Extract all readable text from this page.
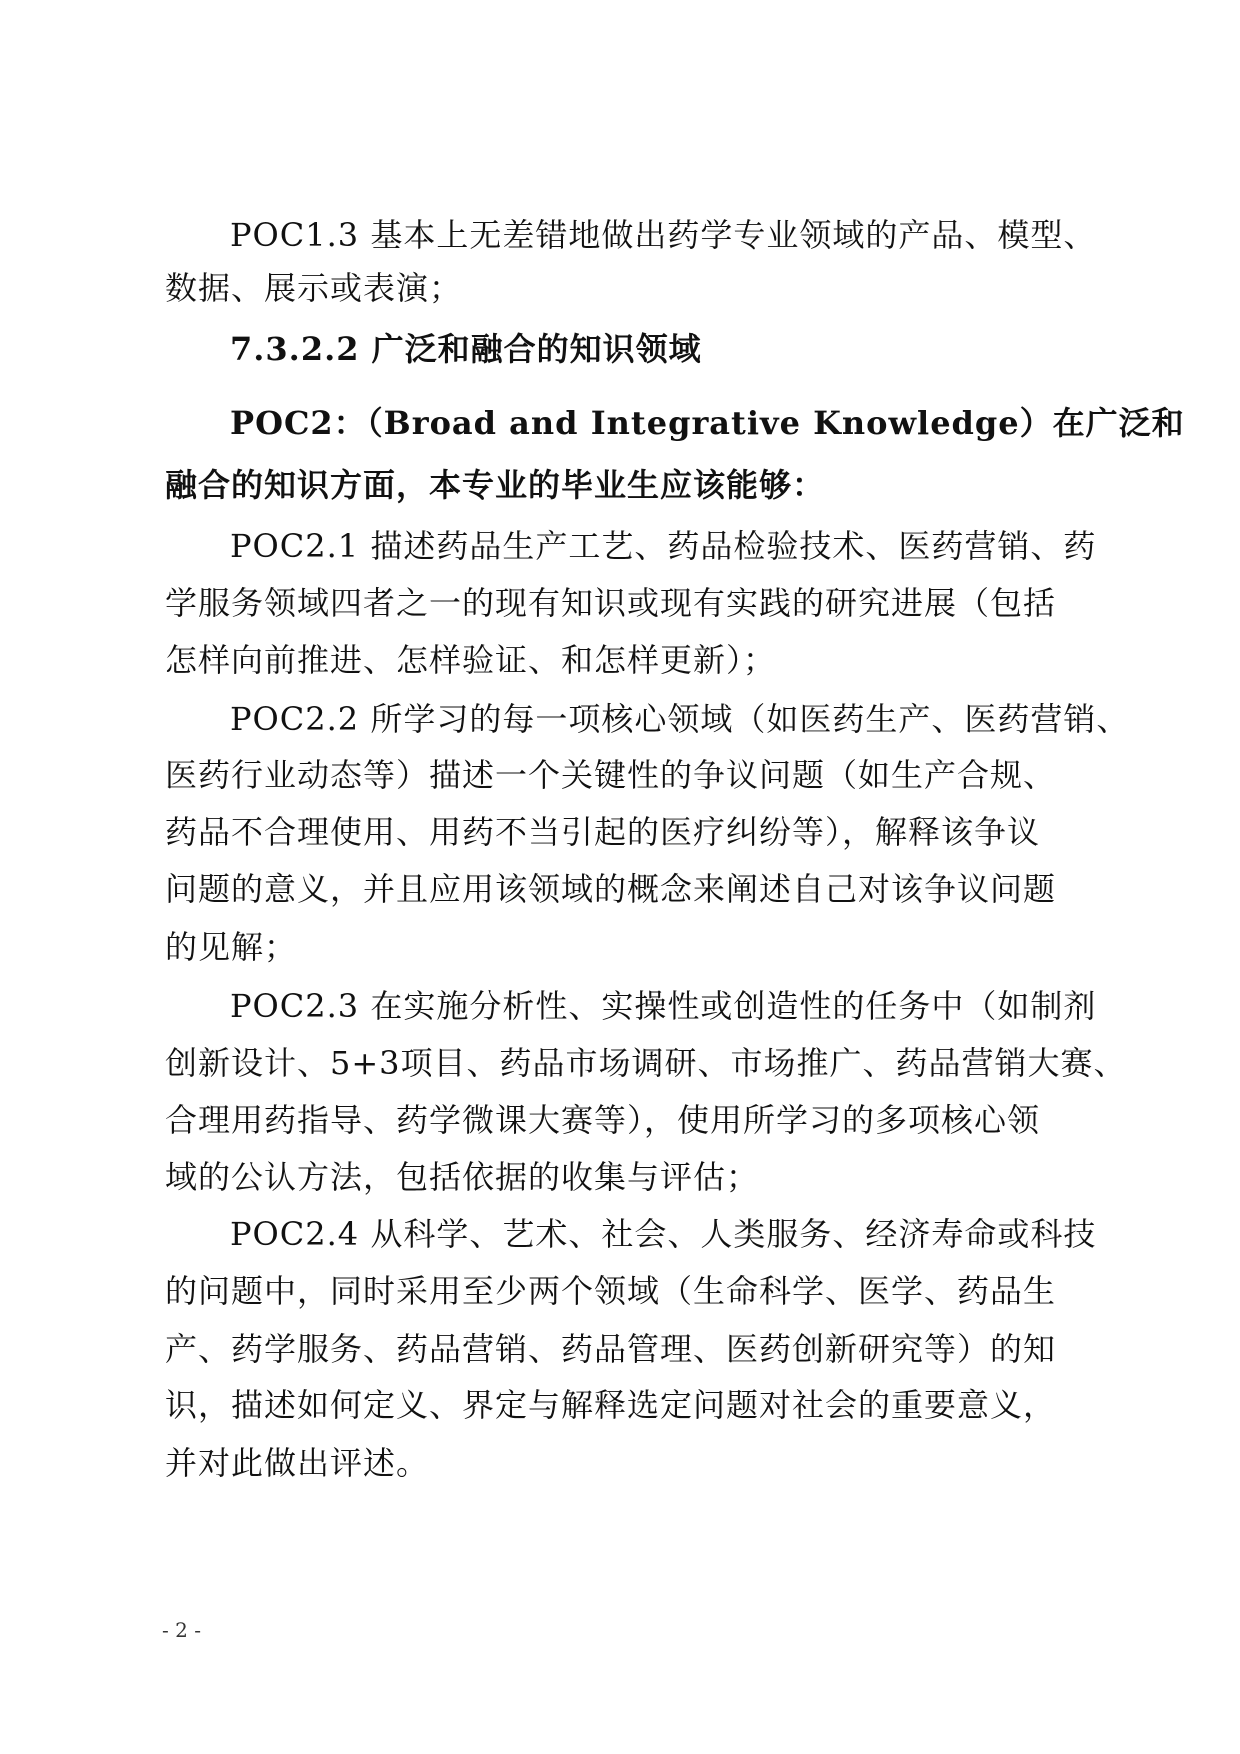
POC1.3 基本上无差错地做出药学专业领域的产品、模型、
数据、展示或表演；
7.3.2.2 广泛和融合的知识领域
POC2：（Broad and Integrative Knowledge）在广泛和
融合的知识方面，本专业的毕业生应该能够：
POC2.1 描述药品生产工艺、药品检验技术、医药营销、药
学服务领域四者之一的现有知识或现有实践的研究进展（包括
怎样向前推进、怎样验证、和怎样更新）；
POC2.2 所学习的每一项核心领域（如医药生产、医药营销、
医药行业动态等）描述一个关键性的争议问题（如生产合规、
药品不合理使用、用药不当引起的医疗纠纷等），解释该争议
问题的意义，并且应用该领域的概念来阐述自己对该争议问题
的见解；
POC2.3 在实施分析性、实操性或创造性的任务中（如制剂
创新设计、5+3项目、药品市场调研、市场推广、药品营销大赛、
合理用药指导、药学微课大赛等），使用所学习的多项核心领
域的公认方法，包括依据的收集与评估；
POC2.4 从科学、艺术、社会、人类服务、经济寿命或科技
的问题中，同时采用至少两个领域（生命科学、医学、药品生
产、药学服务、药品营销、药品管理、医药创新研究等）的知
识，描述如何定义、界定与解释选定问题对社会的重要意义，
并对此做出评述。
- 2 -
